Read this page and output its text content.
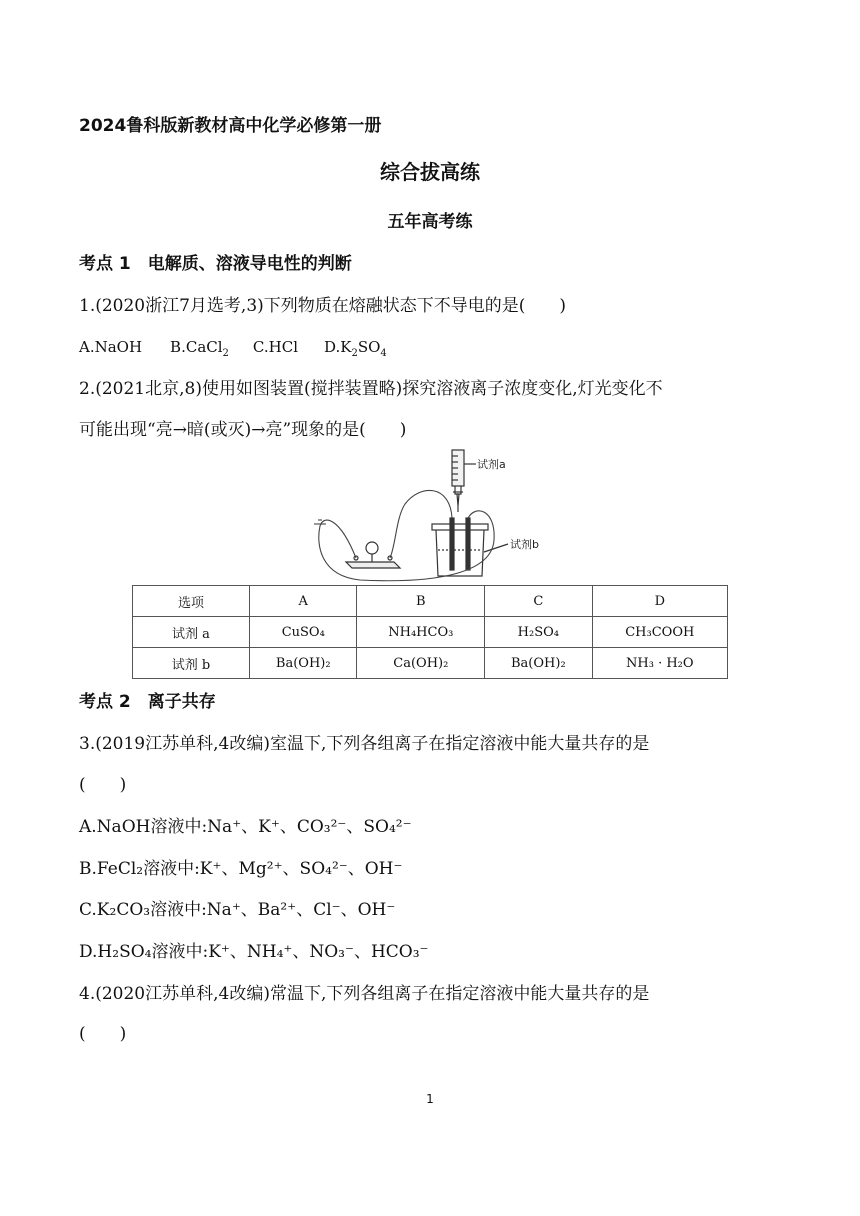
2024鲁科版新教材高中化学必修第一册
综合拔高练
五年高考练
考点 1　电解质、溶液导电性的判断
1.(2020浙江7月选考,3)下列物质在熔融状态下不导电的是(　　)
A.NaOH B.CaCl$_2$ C.HCl $D.K_2SO_4$
2.(2021北京,8)使用如图装置(搅拌装置略)探究溶液离子浓度变化,灯光变化不
可能出现“亮→暗(或灭)→亮”现象的是(　　)
试剂a
试剂b
选项	A	B	C	D
试剂 a	CuSO₄	NH₄HCO₃	H₂SO₄	CH₃COOH
试剂 b	Ba(OH)₂	Ca(OH)₂	Ba(OH)₂	NH₃ · H₂O
考点 2　离子共存
3.(2019江苏单科,4改编)室温下,下列各组离子在指定溶液中能大量共存的是
(　　)
A.NaOH溶液中:Na⁺、K⁺、CO₃²⁻、SO₄²⁻
B.FeCl₂溶液中:K⁺、Mg²⁺、SO₄²⁻、OH⁻
C.K₂CO₃溶液中:Na⁺、Ba²⁺、Cl⁻、OH⁻
D.H₂SO₄溶液中:K⁺、NH₄⁺、NO₃⁻、HCO₃⁻
4.(2020江苏单科,4改编)常温下,下列各组离子在指定溶液中能大量共存的是
(　　)
1
